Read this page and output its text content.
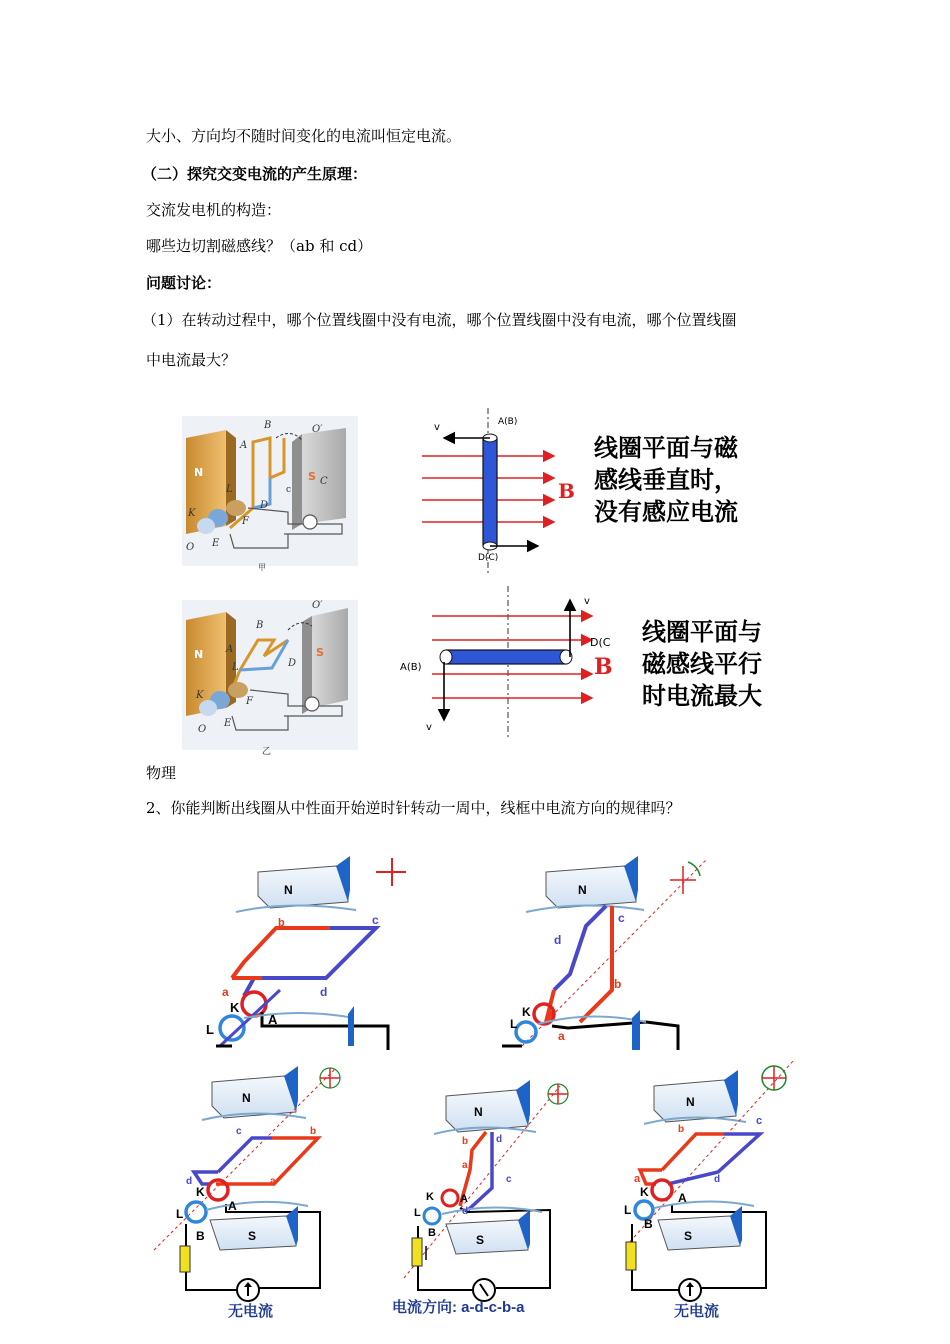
大小、方向均不随时间变化的电流叫恒定电流。
（二）探究交变电流的产生原理：
交流发电机的构造：
哪些边切割磁感线？（ab 和 cd）
问题讨论：
（1）在转动过程中，哪个位置线圈中没有电流，哪个位置线圈中没有电流，哪个位置线圈
中电流最大？
物理
2、你能判断出线圈从中性面开始逆时针转动一周中，线框中电流方向的规律吗？
B
A
O′
N	S C
c
L
D
K
F
O E
甲
v	A(B)
D(C)
B
B
A
O′
N	S
L	D
K
F
O
E
乙
v
v
A(B)
D(C
B
线圈平面与磁
感线垂直时，
没有感应电流
线圈平面与
磁感线平行
时电流最大
N
b	c
a	d
K
L
A
N
c
d
b
a
K
L
N
S
c	b
d	a
K
L
A
B
N
S
b	d
a
c
d
K
L
A
B
N
S
b
c
a	d
K
L
A
B
无电流	电流方向: a-d-c-b-a	无电流
